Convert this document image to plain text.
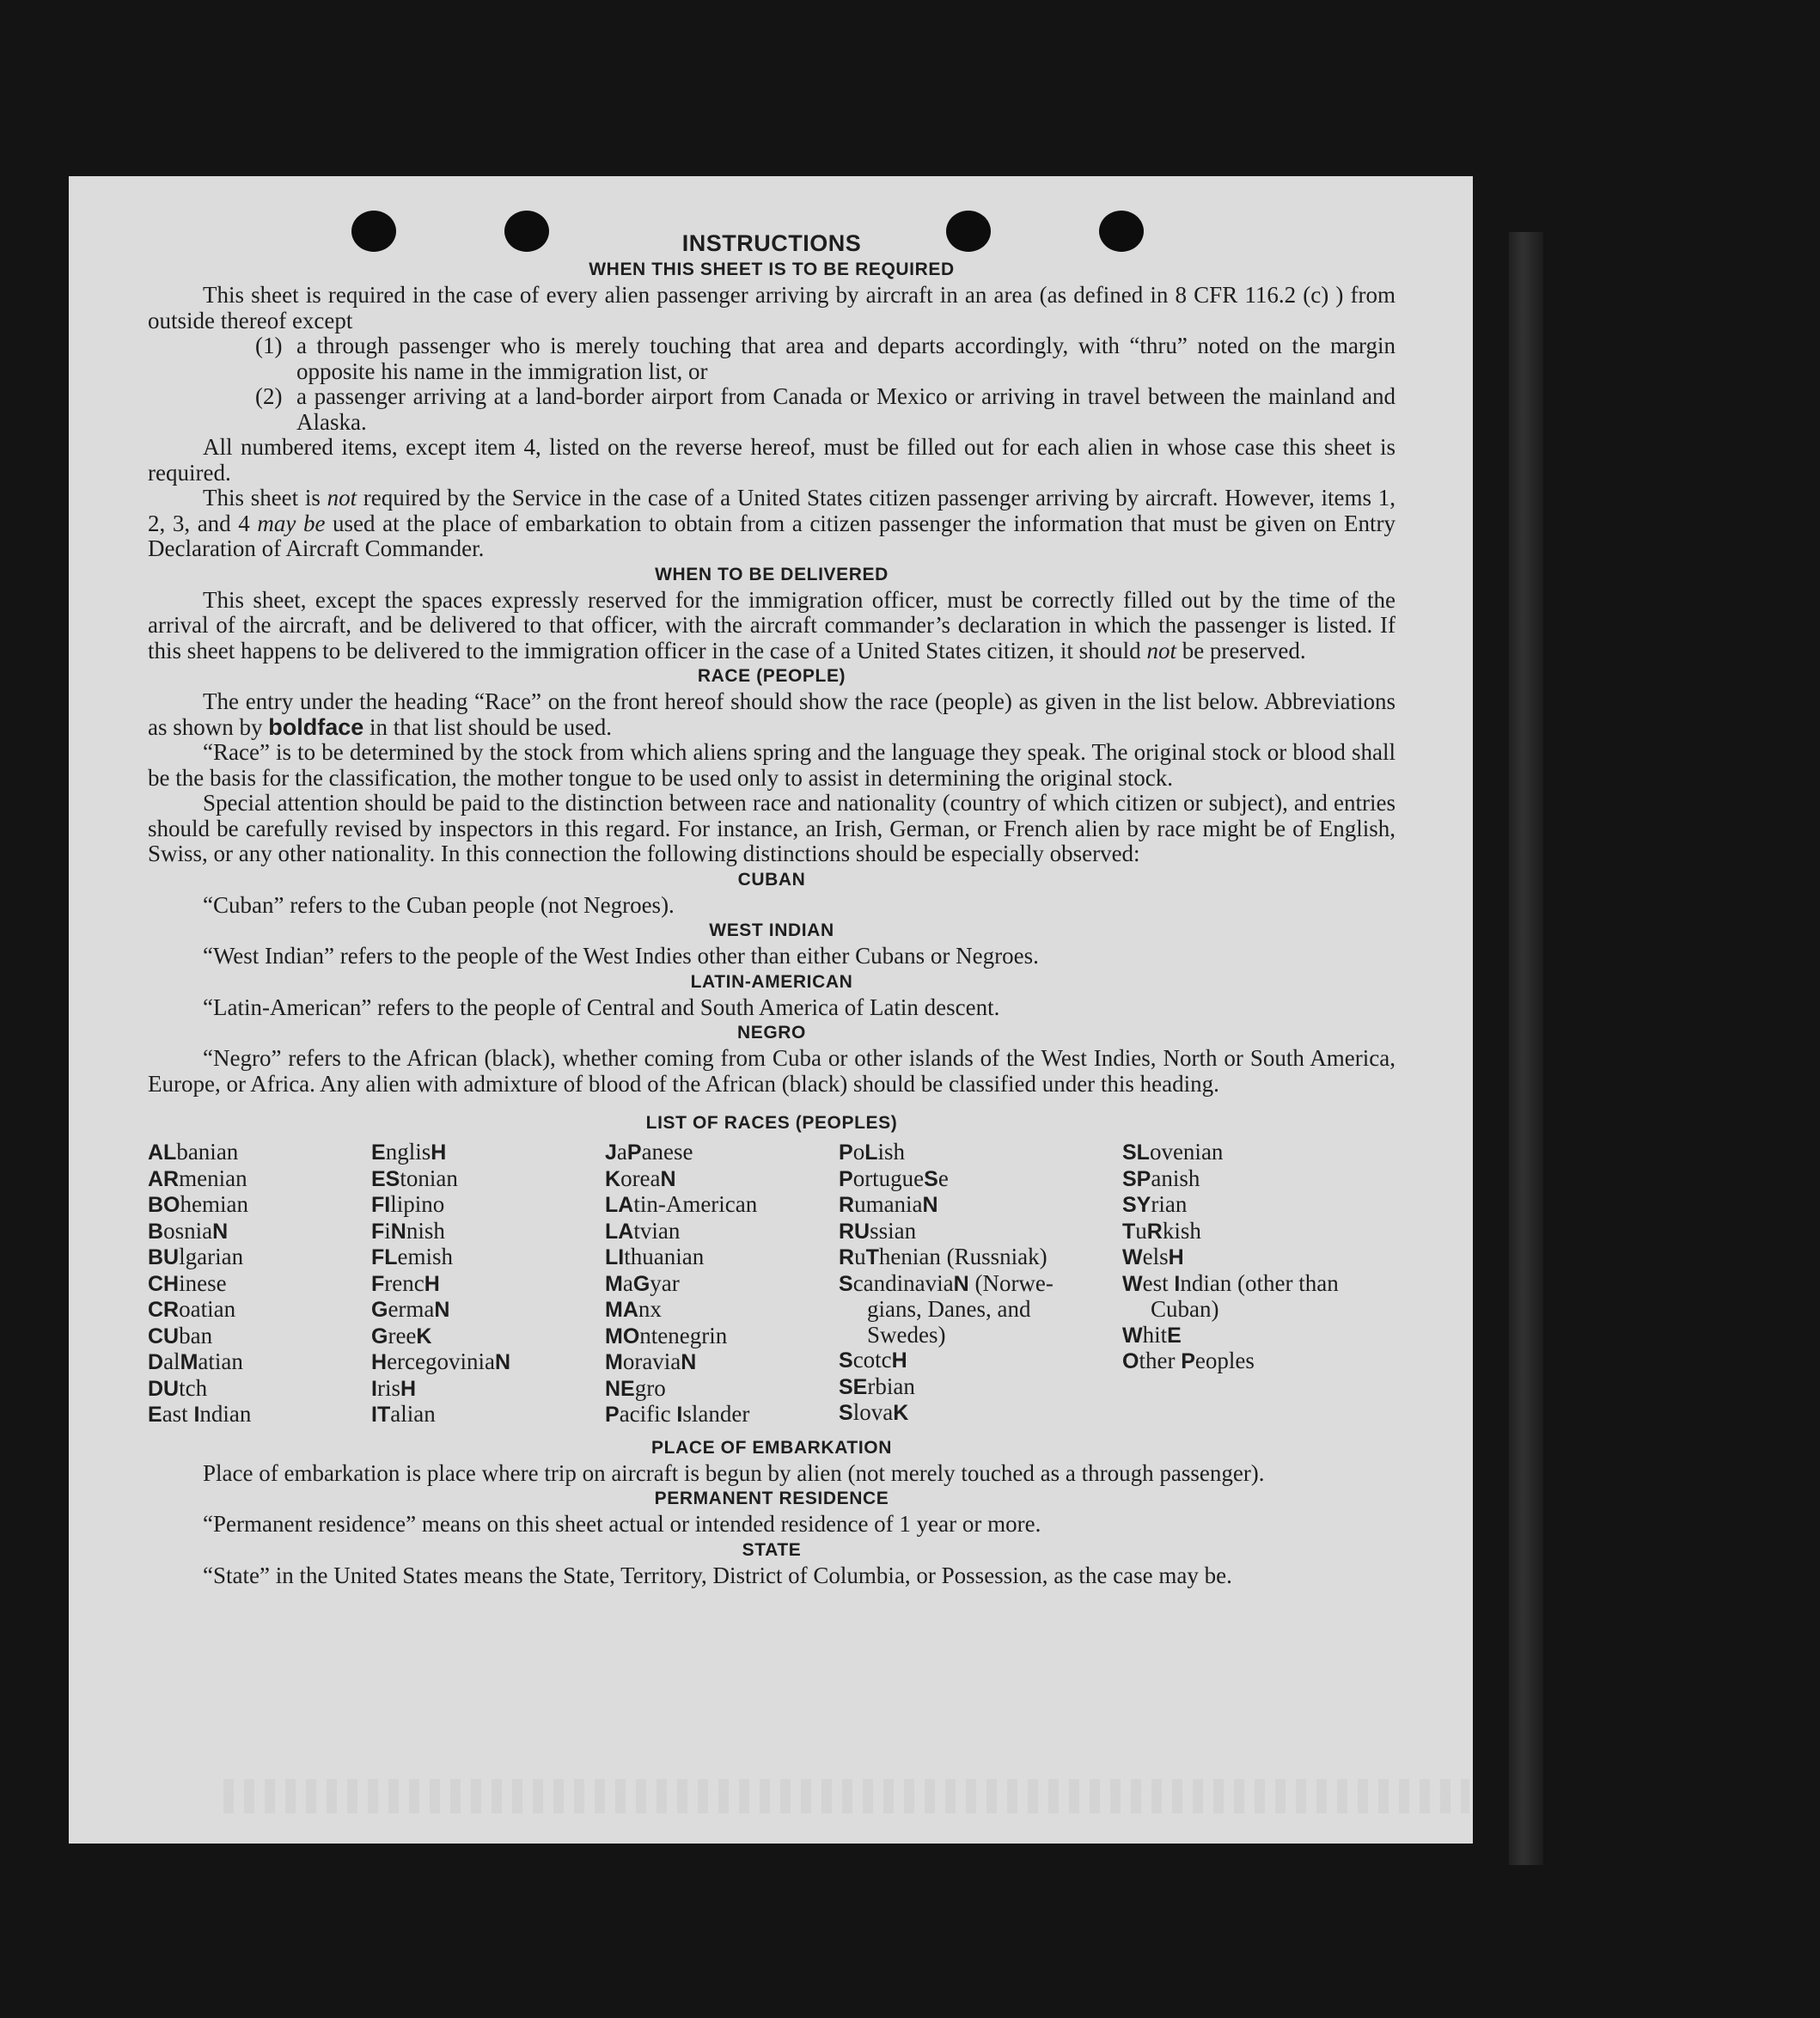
INSTRUCTIONS
WHEN THIS SHEET IS TO BE REQUIRED

This sheet is required in the case of every alien passenger arriving by aircraft in an area (as defined in 8 CFR 116.2 (c) ) from outside thereof except

(1) a through passenger who is merely touching that area and departs accordingly, with “thru” noted on the margin opposite his name in the immigration list, or
(2) a passenger arriving at a land-border airport from Canada or Mexico or arriving in travel between the mainland and Alaska.

All numbered items, except item 4, listed on the reverse hereof, must be filled out for each alien in whose case this sheet is required.

This sheet is not required by the Service in the case of a United States citizen passenger arriving by aircraft. However, items 1, 2, 3, and 4 may be used at the place of embarkation to obtain from a citizen passenger the information that must be given on Entry Declaration of Aircraft Commander.

WHEN TO BE DELIVERED

This sheet, except the spaces expressly reserved for the immigration officer, must be correctly filled out by the time of the arrival of the aircraft, and be delivered to that officer, with the aircraft commander’s declaration in which the passenger is listed. If this sheet happens to be delivered to the immigration officer in the case of a United States citizen, it should not be preserved.

RACE (PEOPLE)

The entry under the heading “Race” on the front hereof should show the race (people) as given in the list below. Abbreviations as shown by boldface in that list should be used.

“Race” is to be determined by the stock from which aliens spring and the language they speak. The original stock or blood shall be the basis for the classification, the mother tongue to be used only to assist in determining the original stock.

Special attention should be paid to the distinction between race and nationality (country of which citizen or subject), and entries should be carefully revised by inspectors in this regard. For instance, an Irish, German, or French alien by race might be of English, Swiss, or any other nationality. In this connection the following distinctions should be especially observed:

CUBAN

“Cuban” refers to the Cuban people (not Negroes).

WEST INDIAN

“West Indian” refers to the people of the West Indies other than either Cubans or Negroes.

LATIN-AMERICAN

“Latin-American” refers to the people of Central and South America of Latin descent.

NEGRO

“Negro” refers to the African (black), whether coming from Cuba or other islands of the West Indies, North or South America, Europe, or Africa. Any alien with admixture of blood of the African (black) should be classified under this heading.

LIST OF RACES (PEOPLES)
ALbanian
ARmenian
BOhemian
BosniaN
BUlgarian
CHinese
CRoatian
CUban
DalMatian
DUtch
East Indian
EnglisH
EStonian
FIlipino
FiNnish
FLemish
FrencH
GermaN
GreeK
HercegoviniaN
IrisH
ITalian
JaPanese
KoreaN
LAtin-American
LAtvian
LIthuanian
MaGyar
MAnx
MOntenegrin
MoraviaN
NEgro
Pacific Islander
PoLish
PortugueSe
RumaniaN
RUssian
RuThenian (Russniak)
ScandinaviaN (Norwe-gians, Danes, and Swedes)
ScotcH
SErbian
SlovaK
SLovenian
SPanish
SYrian
TuRkish
WelsH
West Indian (other than Cuban)
WhitE
Other Peoples
PLACE OF EMBARKATION

Place of embarkation is place where trip on aircraft is begun by alien (not merely touched as a through passenger).

PERMANENT RESIDENCE

“Permanent residence” means on this sheet actual or intended residence of 1 year or more.

STATE

“State” in the United States means the State, Territory, District of Columbia, or Possession, as the case may be.
